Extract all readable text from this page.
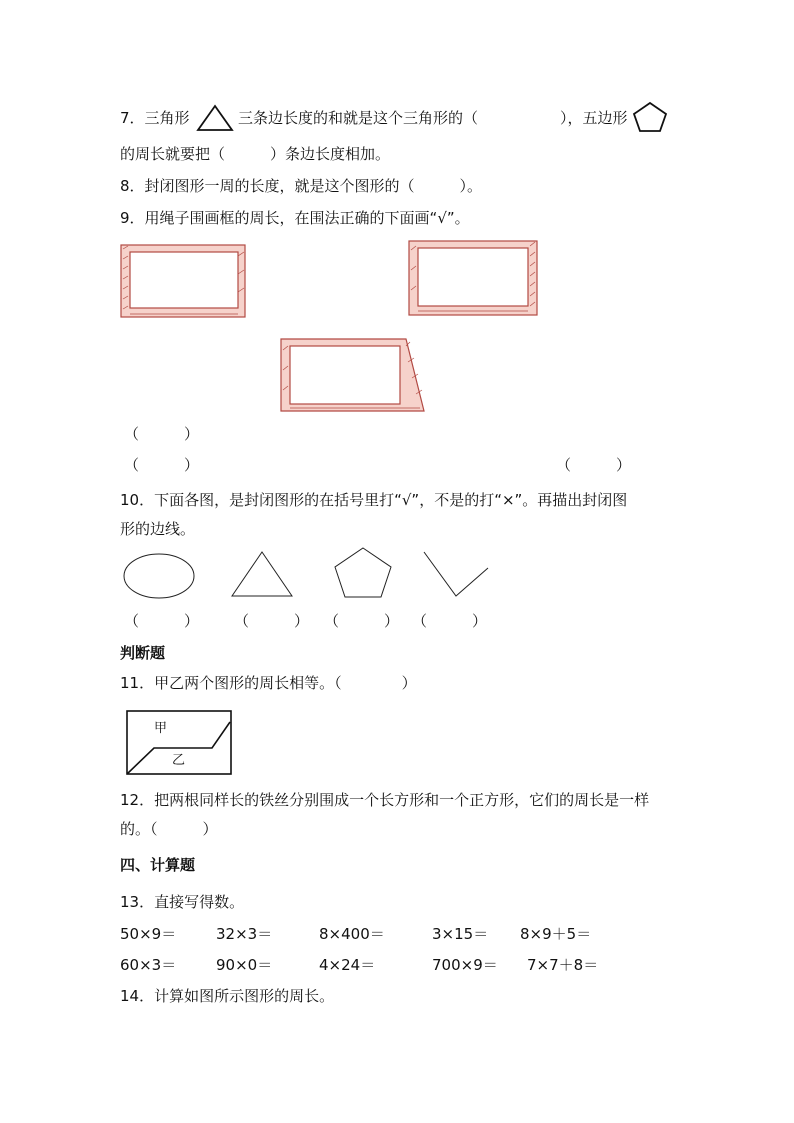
7．三角形	三条边长度的和就是这个三角形的（	），五边形
的周长就要把（　　　）条边长度相加。
8．封闭图形一周的长度，就是这个图形的（　　　）。
9．用绳子围画框的周长，在围法正确的下面画“√”。
（　　　）
（　　　）	（　　　）
10．下面各图，是封闭图形的在括号里打“√”，不是的打“×”。再描出封闭图
形的边线。
（　　　） （　　　） （　　　） （　　　）
判断题
11．甲乙两个图形的周长相等。（　　　　）
甲
乙
12．把两根同样长的铁丝分别围成一个长方形和一个正方形，它们的周长是一样
的。（　　　）
四、计算题
13．直接写得数。
50×9＝	32×3＝	8×400＝	3×15＝ 8×9＋5＝
60×3＝	90×0＝	4×24＝	700×9＝ 7×7＋8＝
14．计算如图所示图形的周长。
